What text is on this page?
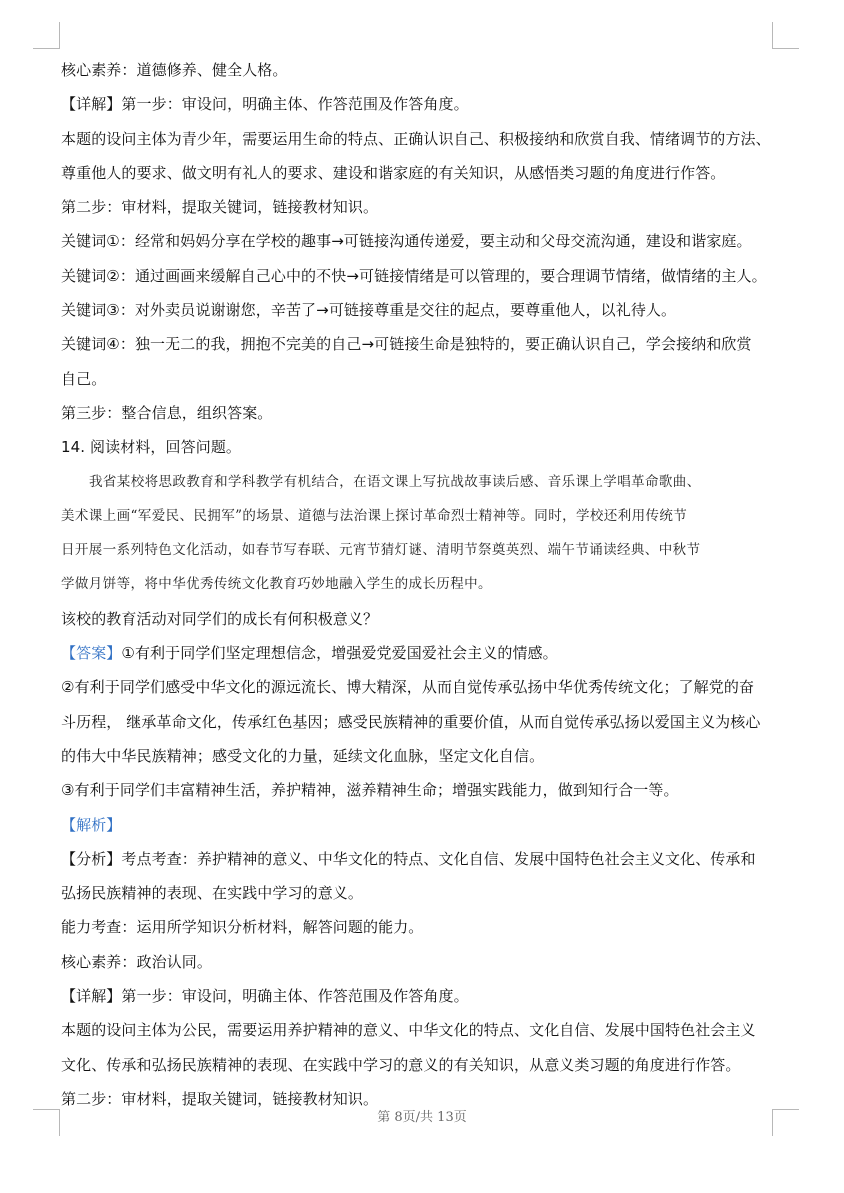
核心素养：道德修养、健全人格。
【详解】第一步：审设问，明确主体、作答范围及作答角度。
本题的设问主体为青少年，需要运用生命的特点、正确认识自己、积极接纳和欣赏自我、情绪调节的方法、
尊重他人的要求、做文明有礼人的要求、建设和谐家庭的有关知识，从感悟类习题的角度进行作答。
第二步：审材料，提取关键词，链接教材知识。
关键词①：经常和妈妈分享在学校的趣事→可链接沟通传递爱，要主动和父母交流沟通，建设和谐家庭。
关键词②：通过画画来缓解自己心中的不快→可链接情绪是可以管理的，要合理调节情绪，做情绪的主人。
关键词③：对外卖员说谢谢您，辛苦了→可链接尊重是交往的起点，要尊重他人，以礼待人。
关键词④：独一无二的我，拥抱不完美的自己→可链接生命是独特的，要正确认识自己，学会接纳和欣赏
自己。
第三步：整合信息，组织答案。
14. 阅读材料，回答问题。
我省某校将思政教育和学科教学有机结合，在语文课上写抗战故事读后感、音乐课上学唱革命歌曲、
美术课上画“军爱民、民拥军”的场景、道德与法治课上探讨革命烈士精神等。同时，学校还利用传统节
日开展一系列特色文化活动，如春节写春联、元宵节猜灯谜、清明节祭奠英烈、端午节诵读经典、中秋节
学做月饼等，将中华优秀传统文化教育巧妙地融入学生的成长历程中。
该校的教育活动对同学们的成长有何积极意义？
【答案】①有利于同学们坚定理想信念，增强爱党爱国爱社会主义的情感。
②有利于同学们感受中华文化的源远流长、博大精深，从而自觉传承弘扬中华优秀传统文化；了解党的奋
斗历程， 继承革命文化，传承红色基因；感受民族精神的重要价值，从而自觉传承弘扬以爱国主义为核心
的伟大中华民族精神；感受文化的力量，延续文化血脉，坚定文化自信。
③有利于同学们丰富精神生活，养护精神，滋养精神生命；增强实践能力，做到知行合一等。
【解析】
【分析】考点考查：养护精神的意义、中华文化的特点、文化自信、发展中国特色社会主义文化、传承和
弘扬民族精神的表现、在实践中学习的意义。
能力考查：运用所学知识分析材料，解答问题的能力。
核心素养：政治认同。
【详解】第一步：审设问，明确主体、作答范围及作答角度。
本题的设问主体为公民，需要运用养护精神的意义、中华文化的特点、文化自信、发展中国特色社会主义
文化、传承和弘扬民族精神的表现、在实践中学习的意义的有关知识，从意义类习题的角度进行作答。
第二步：审材料，提取关键词，链接教材知识。
第 8页/共 13页
